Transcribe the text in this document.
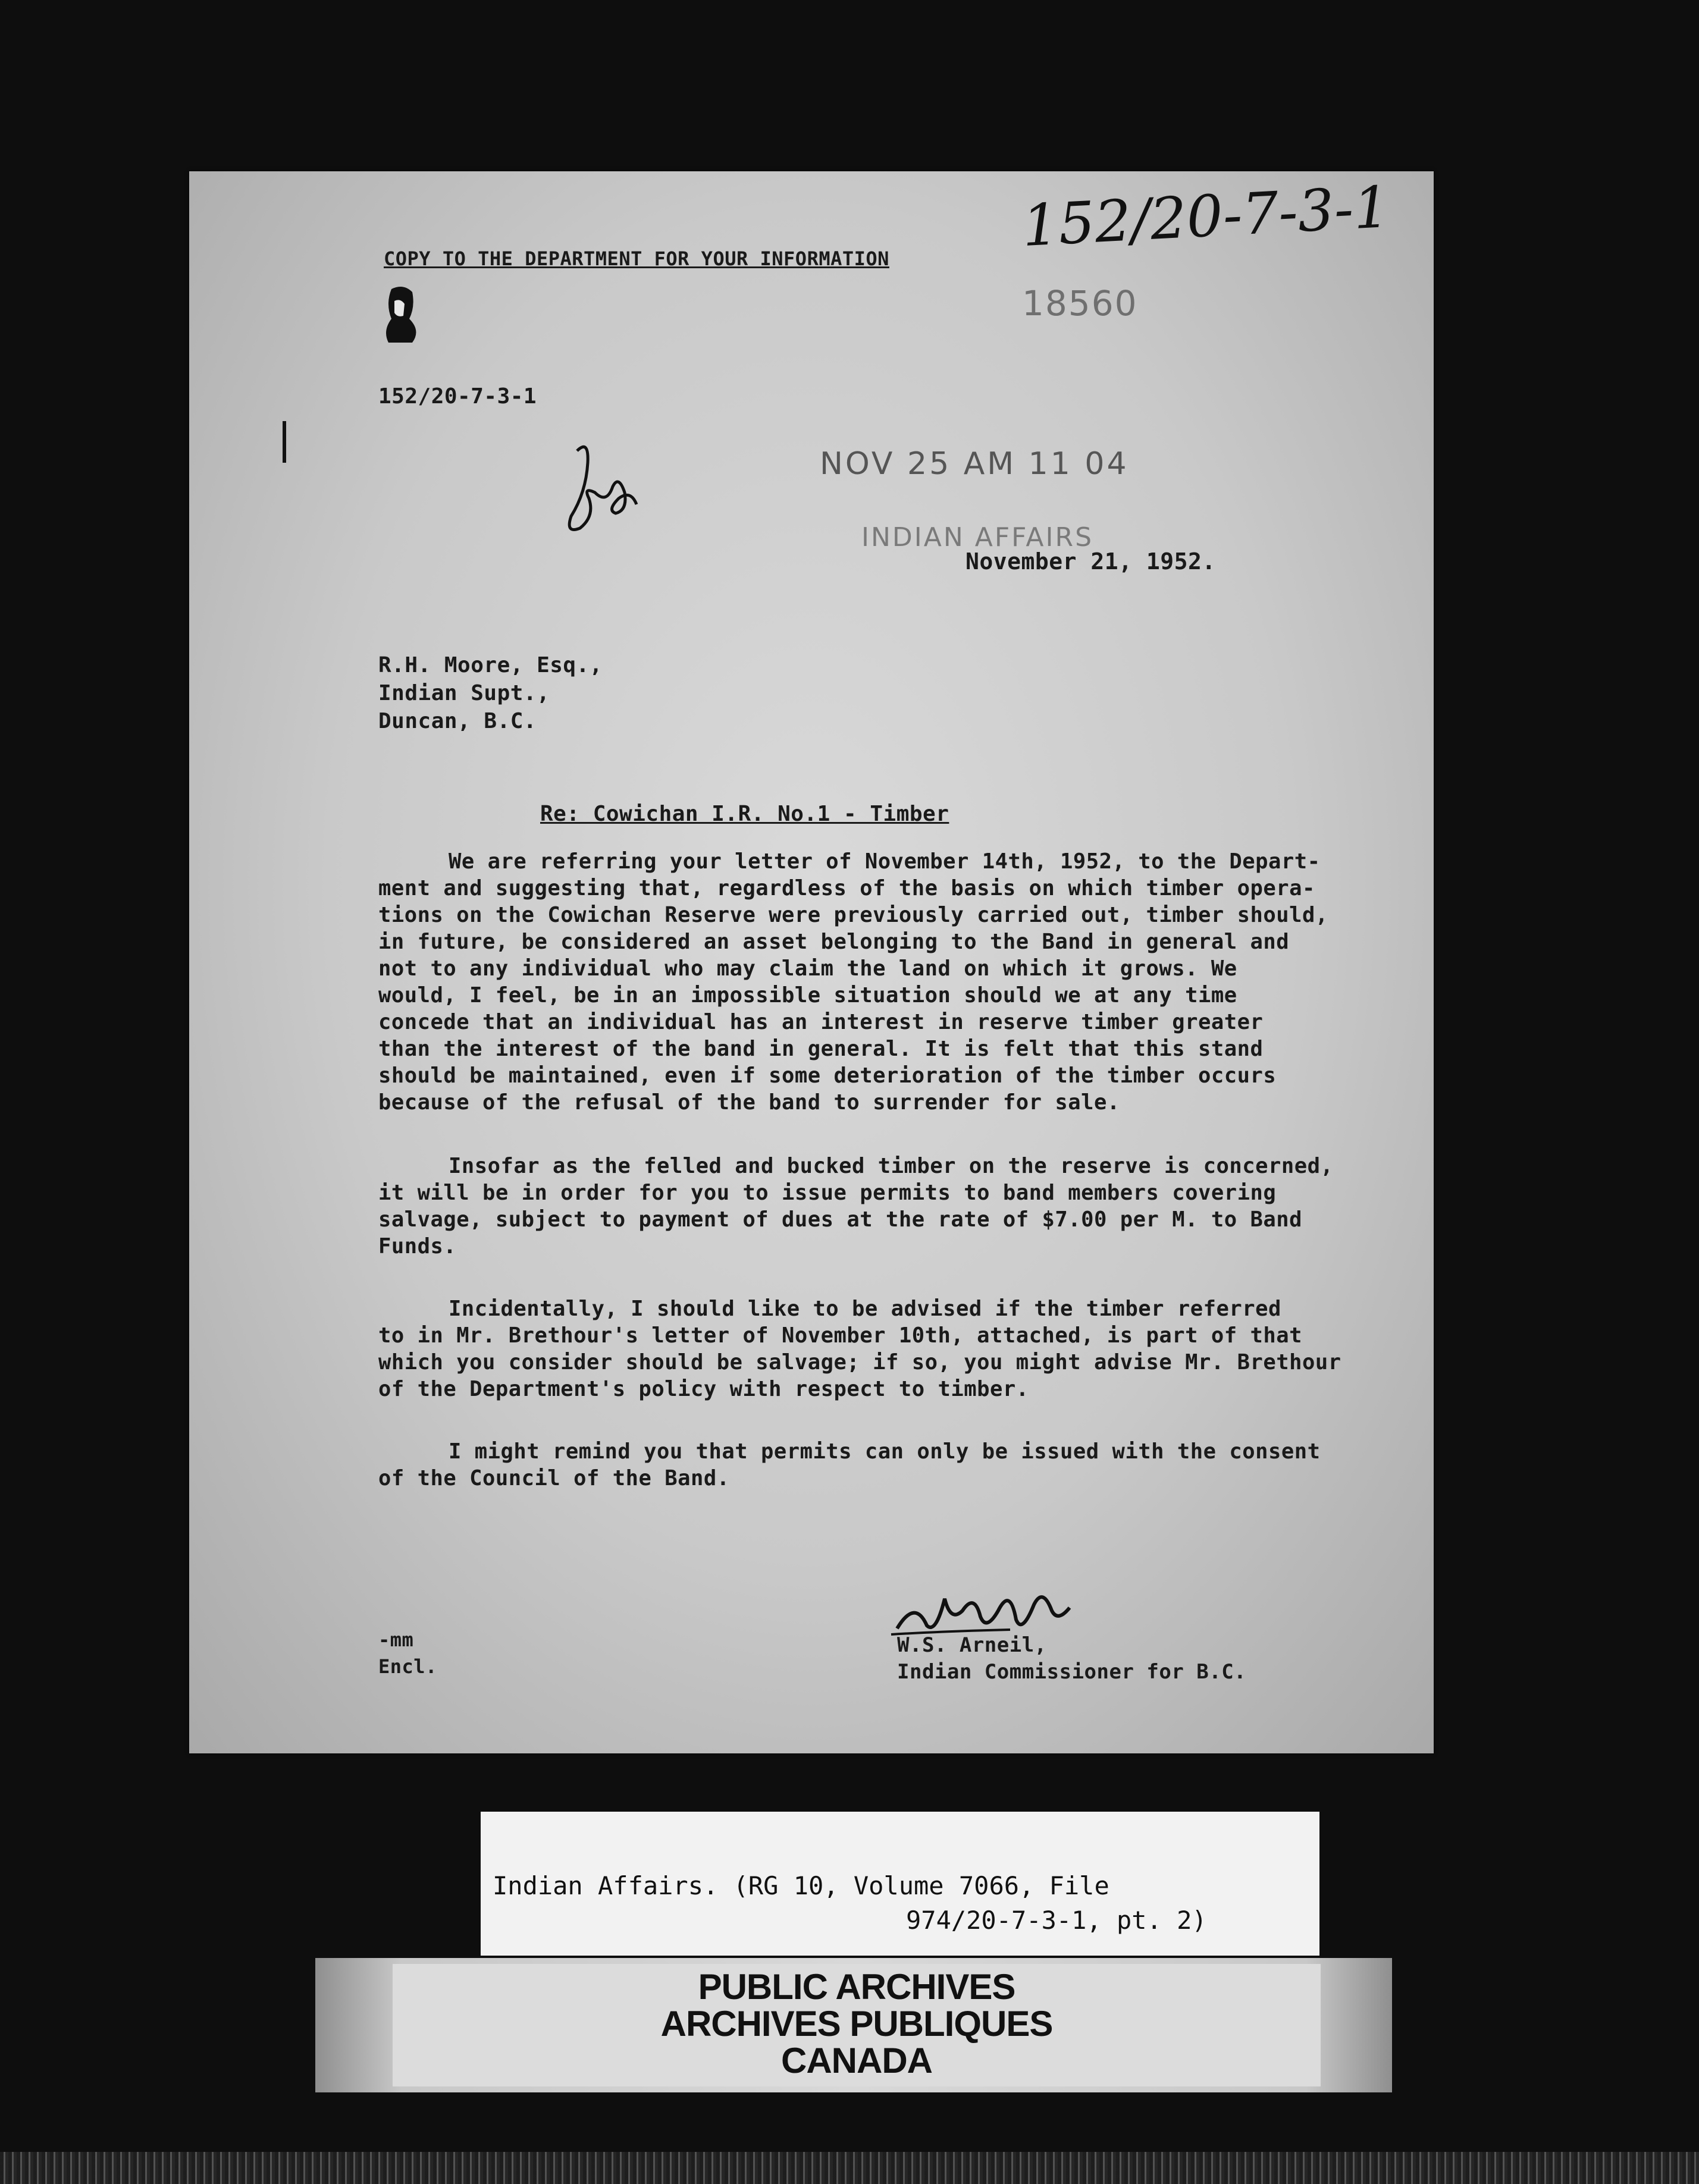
COPY TO THE DEPARTMENT FOR YOUR INFORMATION 152/20-7-3-1
18560
152/20-7-3-1
NOV 25 AM 11 04
INDIAN AFFAIRS
November 21, 1952.
R.H. Moore, Esq.,
Indian Supt.,
Duncan, B.C.
Re: Cowichan I.R. No.1 - Timber
We are referring your letter of November 14th, 1952, to the Depart-
ment and suggesting that, regardless of the basis on which timber opera-
tions on the Cowichan Reserve were previously carried out, timber should,
in future, be considered an asset belonging to the Band in general and
not to any individual who may claim the land on which it grows. We
would, I feel, be in an impossible situation should we at any time
concede that an individual has an interest in reserve timber greater
than the interest of the band in general. It is felt that this stand
should be maintained, even if some deterioration of the timber occurs
because of the refusal of the band to surrender for sale.
Insofar as the felled and bucked timber on the reserve is concerned,
it will be in order for you to issue permits to band members covering
salvage, subject to payment of dues at the rate of $7.00 per M. to Band
Funds.
Incidentally, I should like to be advised if the timber referred
to in Mr. Brethour's letter of November 10th, attached, is part of that
which you consider should be salvage; if so, you might advise Mr. Brethour
of the Department's policy with respect to timber.
I might remind you that permits can only be issued with the consent
of the Council of the Band.
W.S. Arneil,
Indian Commissioner for B.C.
-mm
Encl.
Indian Affairs. (RG 10, Volume 7066, File
974/20-7-3-1, pt. 2)
PUBLIC ARCHIVES
ARCHIVES PUBLIQUES
CANADA
